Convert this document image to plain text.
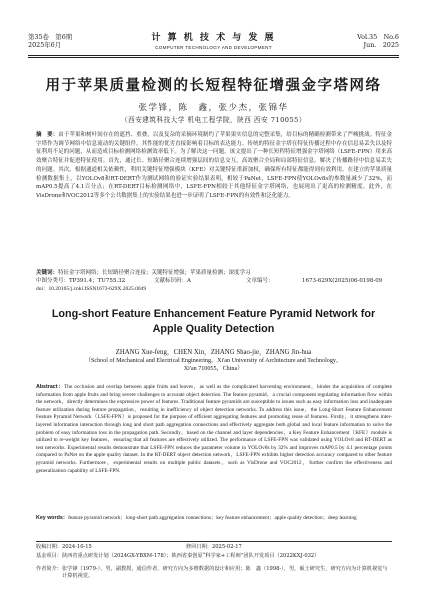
第35卷　第6期
2025年6月
计 算 机 技 术 与 发 展
COMPUTER TECHNOLOGY AND DEVELOPMENT
Vol.35　No.6
Jun.　2025
用于苹果质量检测的长短程特征增强金字塔网络
张学锋，陈　鑫，张少杰，张锦华
（西安建筑科技大学 机电工程学院，陕西 西安 710055）
摘　要：由于苹果和树叶间存在的遮挡、重叠，以及复杂的采摘环境制约了苹果果实信息的完整采集，给目标的精确检测带来了严峻挑战。特征金字塔作为调节网络中信息流动的关键组件，其性能的优劣直接影响着目标的表达能力。传统的特征金字塔在特征传播过程中存在信息易丢失以及特征利用不足的问题，从而造成目标检测网络检测效率低下。为了解决这一问题，该文提出了一种长短程特征增强金字塔网络（LSFE-FPN）用来高效聚合特征并促进特征使用。首先，通过长、短路径聚合连续增强层间的信息交互，高效聚合全局和局部特征信息，解决了传播路径中信息易丢失的问题。其次，根据通道相关依赖性，利用关键特征增强模块（KFE）对关键特征重新加权，确保所有特征都能得到有效利用。在建立的苹果质量检测数据集上，以YOLOv8和RT-DERT作为测试网络的验证实验结果表明，相较于PaNet，LSFE-FPN使YOLOv8s的参数量减少了32%，而mAP0.5提高了4.1百分点；在RT-DERT目标检测网络中，LSFE-FPN相较于其他特征金字塔网络，也展现出了更高的检测精度。此外，在VisDrone和VOC2012等多个公共数据集上的实验结果也进一步证明了LSFE-FPN的有效性和泛化能力。
关键词：特征金字塔网络；长短路径聚合连接；关键特征增强；苹果质量检测；深度学习
中图分类号：TP391.4；TU755.32	文献标识码：A	文章编号：	1673-629X(2025)06-0198-09
doi：10.20165/j.cnki.ISSN1673-629X.2025.0049
Long-short Feature Enhancement Feature Pyramid Network for
Apple Quality Detection
ZHANG Xue-feng，CHEN Xin，ZHANG Shao-jie，ZHANG Jin-hua
（School of Mechanical and Electrical Engineering，Xi'an University of Architecture and Technology，
Xi'an 710055，China）
Abstract：The occlusion and overlap between apple fruits and leaves，as well as the complicated harvesting environment，hinder the acquisition of complete information from apple fruits and bring severe challenges to accurate object detection. The feature pyramid，a crucial component regulating information flow within the network，directly determines the expressive power of features. Traditional feature pyramids are susceptible to issues such as easy information loss and inadequate feature utilization during feature propagation，resulting in inefficiency of object detection networks. To address this issue，the Long-Short Feature Enhancement Feature Pyramid Network（LSFE-FPN）is proposed for the purpose of efficient aggregating features and promoting reuse of features. Firstly，it strengthens inter-layered information interaction through long and short path aggregation connections and effectively aggregate both global and local feature information to solve the problem of easy information loss in the propagation path. Secondly，based on the channel and layer dependencies，a Key Feature Enhancement（KFE）module is utilized to re-weight key features，ensuring that all features are effectively utilized. The performance of LSFE-FPN was validated using YOLOv8 and RT-DERT as test networks. Experimental results demonstrate that LSFE-FPN reduces the parameter volume in YOLOv8s by 32% and improves mAP0.5 by 4.1 percentage points compared to PaNet on the apple quality dataset. In the RT-DERT object detection network，LSFE-FPN exhibits higher detection accuracy compared to other feature pyramid networks. Furthermore，experimental results on multiple public datasets，such as VisDrone and VOC2012，further confirm the effectiveness and generalization capability of LSFE-FPN.
Key words：feature pyramid network；long-short path aggregation connections；key feature enhancement；apple quality detection；deep learning
收稿日期：2024-10-15	修回日期：2025-02-17
基金项目：陕西省重点研发计划（2024GX-YBXM-178）；陕西省秦创原“科学家+工程师”团队开发项目（2022KXJ-032）
作者简介：张学锋（1979-），男，副教授，通信作者，研究方向为多维数据的设计和应用；陈　鑫（1998-），男，硕士研究生，研究方向为计算机视觉与
计算机视觉。
